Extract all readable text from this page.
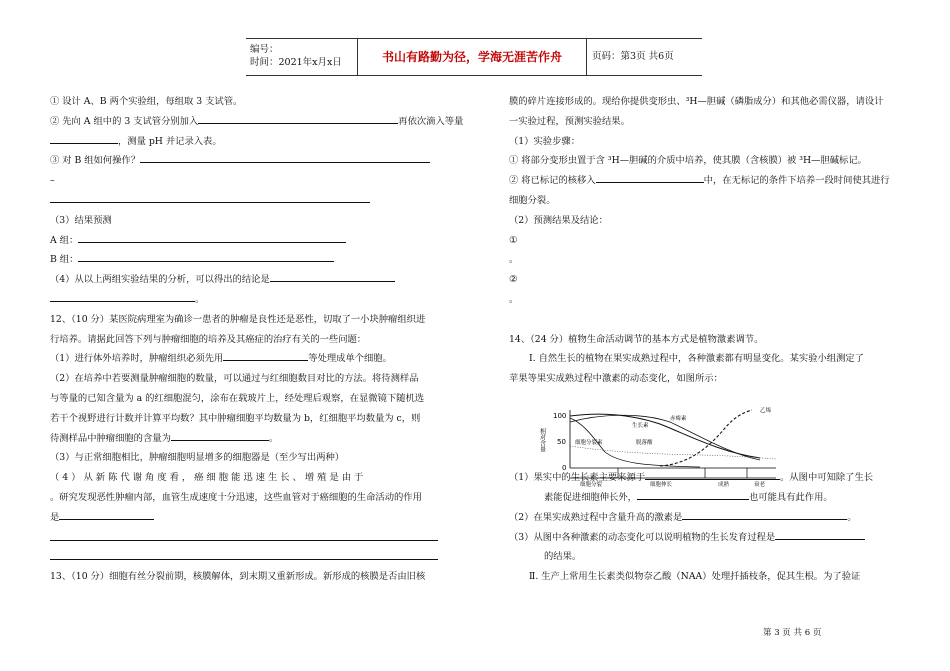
编号：
时间：2021年x月x日	书山有路勤为径，学海无涯苦作舟	页码：第3页 共6页

① 设计 A、B 两个实验组，每组取 3 支试管。

② 先向 A 组中的 3 支试管分别加入	再依次滴入等量

，测量 pH 并记录入表。

③ 对 B 组如何操作？

–

（3）结果预测

A 组：

B 组：

（4）从以上两组实验结果的分析，可以得出的结论是

。

12、（10 分）某医院病理室为确诊一患者的肿瘤是良性还是恶性，切取了一小块肿瘤组织进

行培养。请据此回答下列与肿瘤细胞的培养及其癌症的治疗有关的一些问题：

（1）进行体外培养时，肿瘤组织必须先用	等处理成单个细胞。

（2）在培养中若要测量肿瘤细胞的数量，可以通过与红细胞数目对比的方法。将待测样品

与等量的已知含量为 a 的红细胞混匀，涂布在载玻片上，经处理后观察，在显微镜下随机选

若干个视野进行计数并计算平均数？其中肿瘤细胞平均数量为 b，红细胞平均数量为 c，则

待测样品中肿瘤细胞的含量为	。

（3）与正常细胞相比，肿瘤细胞明显增多的细胞器是（至少写出两种）

（4）从新陈代谢角度看，癌细胞能迅速生长、增殖是由于

。研究发现恶性肿瘤内部，血管生成速度十分迅速，这些血管对于癌细胞的生命活动的作用

是

13、（10 分）细胞有丝分裂前期，核膜解体，到末期又重新形成。新形成的核膜是否由旧核

膜的碎片连接形成的。现给你提供变形虫、³H—胆碱（磷脂成分）和其他必需仪器，请设计

一实验过程，预测实验结果。

（1）实验步骤：

① 将部分变形虫置于含 ³H—胆碱的介质中培养，使其膜（含核膜）被 ³H—胆碱标记。

② 将已标记的核移入	中，在无标记的条件下培养一段时间使其进行

细胞分裂。

（2）预测结果及结论：

①

。

②

。

14、（24 分）植物生命活动调节的基本方式是植物激素调节。

Ⅰ. 自然生长的植物在果实成熟过程中，各种激素都有明显变化。某实验小组测定了

苹果等果实成熟过程中激素的动态变化，如图所示：

（1）果实中的生长素主要来源于	。从图中可知除了生长

素能促进细胞伸长外，	也可能具有此作用。

（2）在果实成熟过程中含量升高的激素是	。

（3）从图中各种激素的动态变化可以说明植物的生长发育过程是

的结果。

Ⅱ. 生产上常用生长素类似物奈乙酸（NAA）处理扦插枝条，促其生根。为了验证

相对含量
100
50
0
赤霉素
生长素
脱落酸
细胞分裂素
乙烯
细胞分裂	细胞伸长	成熟	衰老
第 3 页 共 6 页
